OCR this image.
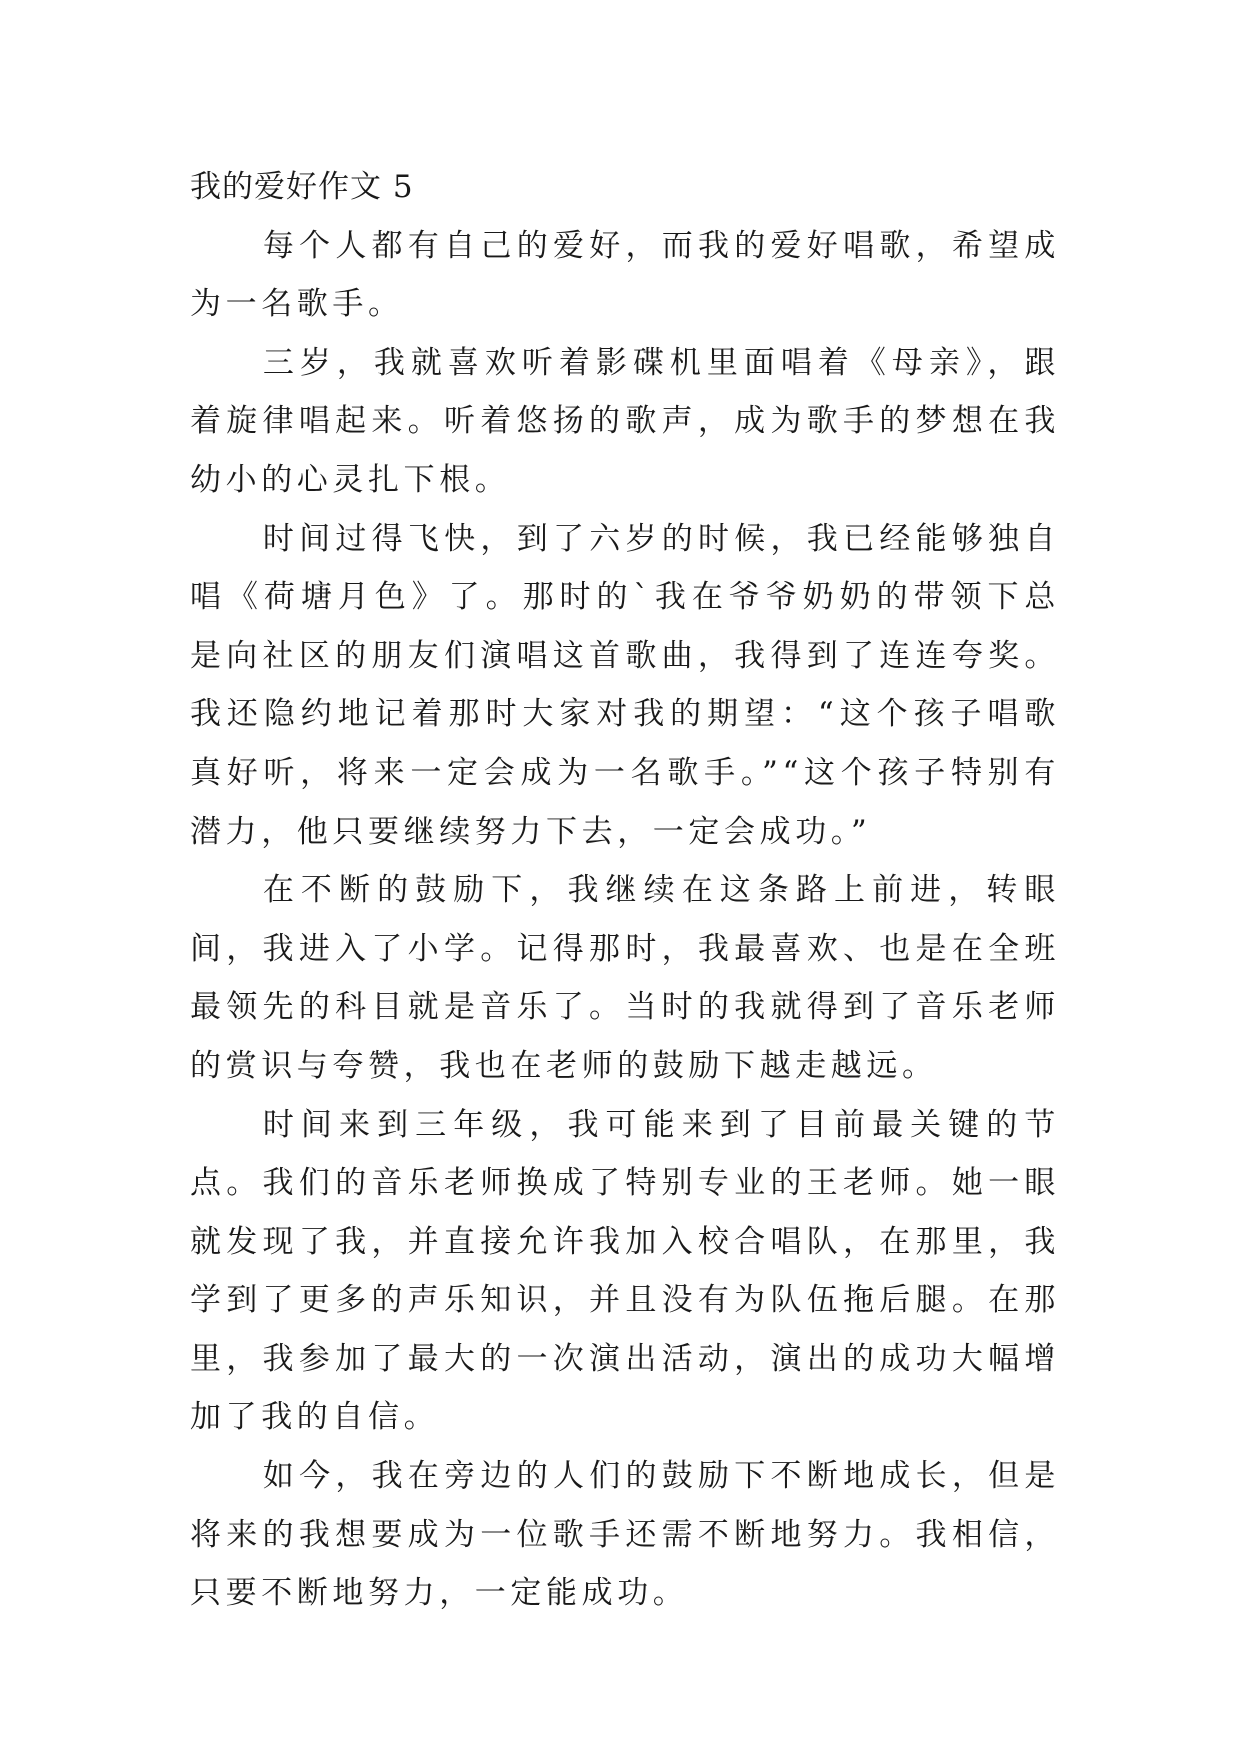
我的爱好作文 5

每个人都有自己的爱好，而我的爱好唱歌，希望成为一名歌手。

三岁，我就喜欢听着影碟机里面唱着《母亲》，跟着旋律唱起来。听着悠扬的歌声，成为歌手的梦想在我幼小的心灵扎下根。

时间过得飞快，到了六岁的时候，我已经能够独自唱《荷塘月色》了。那时的`我在爷爷奶奶的带领下总是向社区的朋友们演唱这首歌曲，我得到了连连夸奖。我还隐约地记着那时大家对我的期望：“这个孩子唱歌真好听，将来一定会成为一名歌手。”“这个孩子特别有潜力，他只要继续努力下去，一定会成功。”

在不断的鼓励下，我继续在这条路上前进，转眼间，我进入了小学。记得那时，我最喜欢、也是在全班最领先的科目就是音乐了。当时的我就得到了音乐老师的赏识与夸赞，我也在老师的鼓励下越走越远。

时间来到三年级，我可能来到了目前最关键的节点。我们的音乐老师换成了特别专业的王老师。她一眼就发现了我，并直接允许我加入校合唱队，在那里，我学到了更多的声乐知识，并且没有为队伍拖后腿。在那里，我参加了最大的一次演出活动，演出的成功大幅增加了我的自信。

如今，我在旁边的人们的鼓励下不断地成长，但是将来的我想要成为一位歌手还需不断地努力。我相信，只要不断地努力，一定能成功。
